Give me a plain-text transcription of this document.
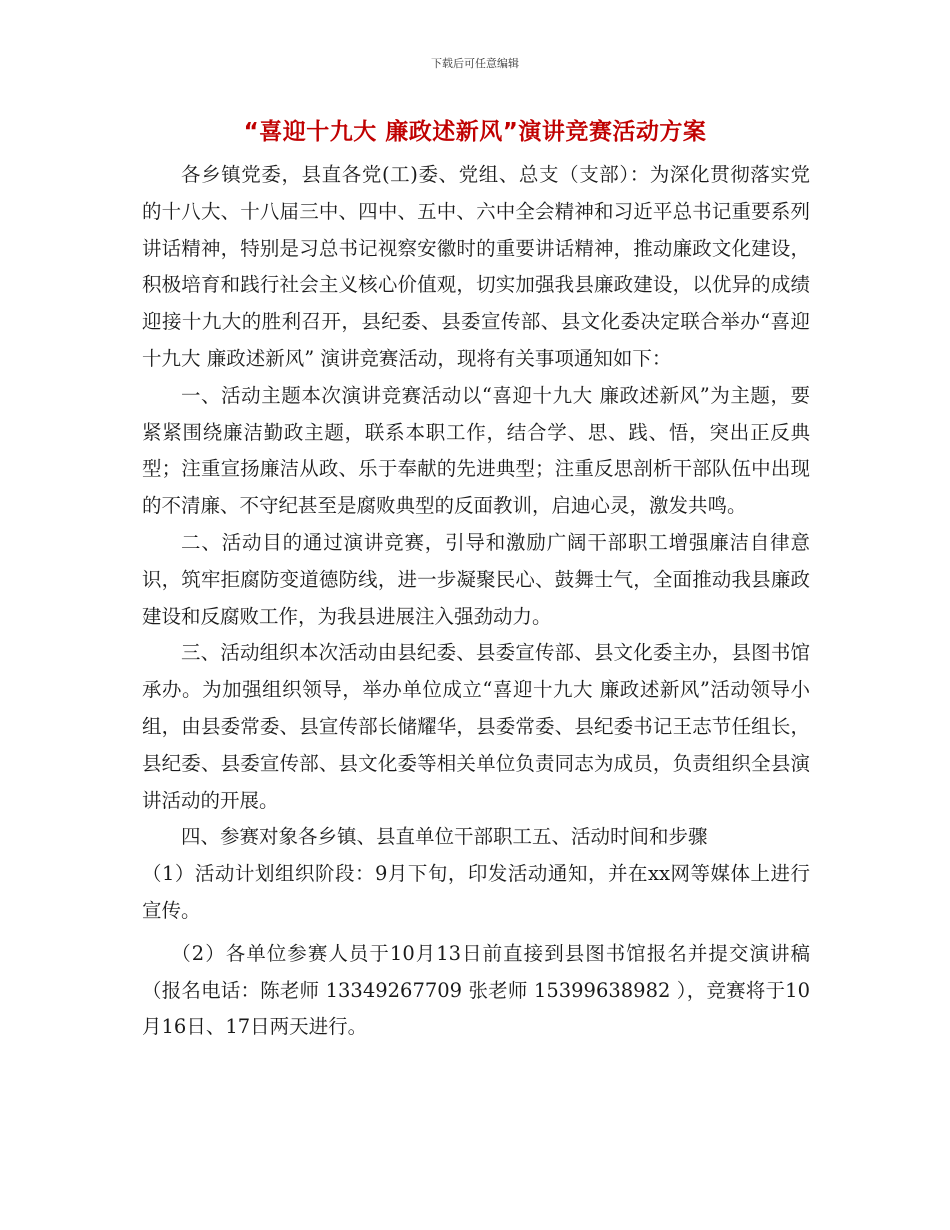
下载后可任意编辑
“喜迎十九大 廉政述新风”演讲竞赛活动方案

各乡镇党委，县直各党(工)委、党组、总支（支部）：为深化贯彻落实党的十八大、十八届三中、四中、五中、六中全会精神和习近平总书记重要系列讲话精神，特别是习总书记视察安徽时的重要讲话精神，推动廉政文化建设，积极培育和践行社会主义核心价值观，切实加强我县廉政建设，以优异的成绩迎接十九大的胜利召开，县纪委、县委宣传部、县文化委决定联合举办“喜迎十九大 廉政述新风” 演讲竞赛活动，现将有关事项通知如下：

一、活动主题本次演讲竞赛活动以“喜迎十九大 廉政述新风”为主题，要紧紧围绕廉洁勤政主题，联系本职工作，结合学、思、践、悟，突出正反典型；注重宣扬廉洁从政、乐于奉献的先进典型；注重反思剖析干部队伍中出现的不清廉、不守纪甚至是腐败典型的反面教训，启迪心灵，激发共鸣。

二、活动目的通过演讲竞赛，引导和激励广阔干部职工增强廉洁自律意识，筑牢拒腐防变道德防线，进一步凝聚民心、鼓舞士气，全面推动我县廉政建设和反腐败工作，为我县进展注入强劲动力。

三、活动组织本次活动由县纪委、县委宣传部、县文化委主办，县图书馆承办。为加强组织领导，举办单位成立“喜迎十九大 廉政述新风”活动领导小组，由县委常委、县宣传部长储耀华，县委常委、县纪委书记王志节任组长，县纪委、县委宣传部、县文化委等相关单位负责同志为成员，负责组织全县演讲活动的开展。

四、参赛对象各乡镇、县直单位干部职工五、活动时间和步骤

（1）活动计划组织阶段：9月下旬，印发活动通知，并在xx网等媒体上进行宣传。

（2）各单位参赛人员于10月13日前直接到县图书馆报名并提交演讲稿（报名电话：陈老师 13349267709 张老师 15399638982 ），竞赛将于10月16日、17日两天进行。
